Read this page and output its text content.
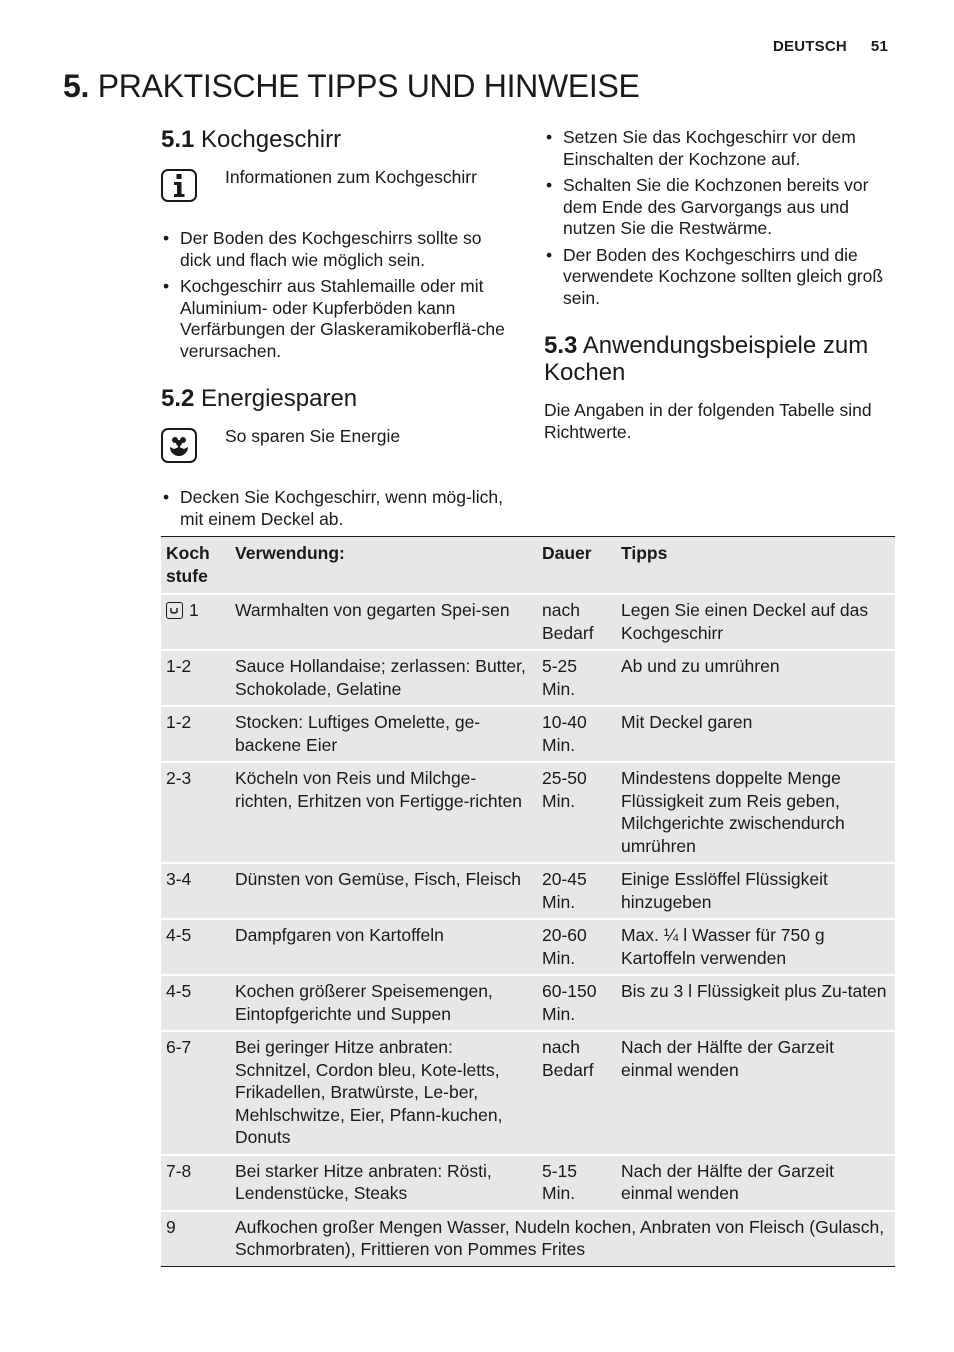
DEUTSCH 51
5. PRAKTISCHE TIPPS UND HINWEISE
5.1 Kochgeschirr
Informationen zum Kochgeschirr
• Der Boden des Kochgeschirrs sollte so dick und flach wie möglich sein.
• Kochgeschirr aus Stahlemaille oder mit Aluminium- oder Kupferböden kann Verfärbungen der Glaskeramikoberflä-che verursachen.
5.2 Energiesparen
So sparen Sie Energie
• Decken Sie Kochgeschirr, wenn mög-lich, mit einem Deckel ab.
• Setzen Sie das Kochgeschirr vor dem Einschalten der Kochzone auf.
• Schalten Sie die Kochzonen bereits vor dem Ende des Garvorgangs aus und nutzen Sie die Restwärme.
• Der Boden des Kochgeschirrs und die verwendete Kochzone sollten gleich groß sein.
5.3 Anwendungsbeispiele zum Kochen
Die Angaben in der folgenden Tabelle sind Richtwerte.
Koch stufe	Verwendung:	Dauer	Tipps

1	Warmhalten von gegarten Spei-sen	nach Bedarf	Legen Sie einen Deckel auf das Kochgeschirr
1-2	Sauce Hollandaise; zerlassen: Butter, Schokolade, Gelatine	5-25 Min.	Ab und zu umrühren
1-2	Stocken: Luftiges Omelette, ge-backene Eier	10-40 Min.	Mit Deckel garen
2-3	Köcheln von Reis und Milchge-richten, Erhitzen von Fertigge-richten	25-50 Min.	Mindestens doppelte Menge Flüssigkeit zum Reis geben, Milchgerichte zwischendurch umrühren
3-4	Dünsten von Gemüse, Fisch, Fleisch	20-45 Min.	Einige Esslöffel Flüssigkeit hinzugeben
4-5	Dampfgaren von Kartoffeln	20-60 Min.	Max. ¼ l Wasser für 750 g Kartoffeln verwenden
4-5	Kochen größerer Speisemengen, Eintopfgerichte und Suppen	60-150 Min.	Bis zu 3 l Flüssigkeit plus Zu-taten
6-7	Bei geringer Hitze anbraten: Schnitzel, Cordon bleu, Kote-letts, Frikadellen, Bratwürste, Le-ber, Mehlschwitze, Eier, Pfann-kuchen, Donuts	nach Bedarf	Nach der Hälfte der Garzeit einmal wenden
7-8	Bei starker Hitze anbraten: Rösti, Lendenstücke, Steaks	5-15 Min.	Nach der Hälfte der Garzeit einmal wenden
9	Aufkochen großer Mengen Wasser, Nudeln kochen, Anbraten von Fleisch (Gulasch, Schmorbraten), Frittieren von Pommes Frites		
